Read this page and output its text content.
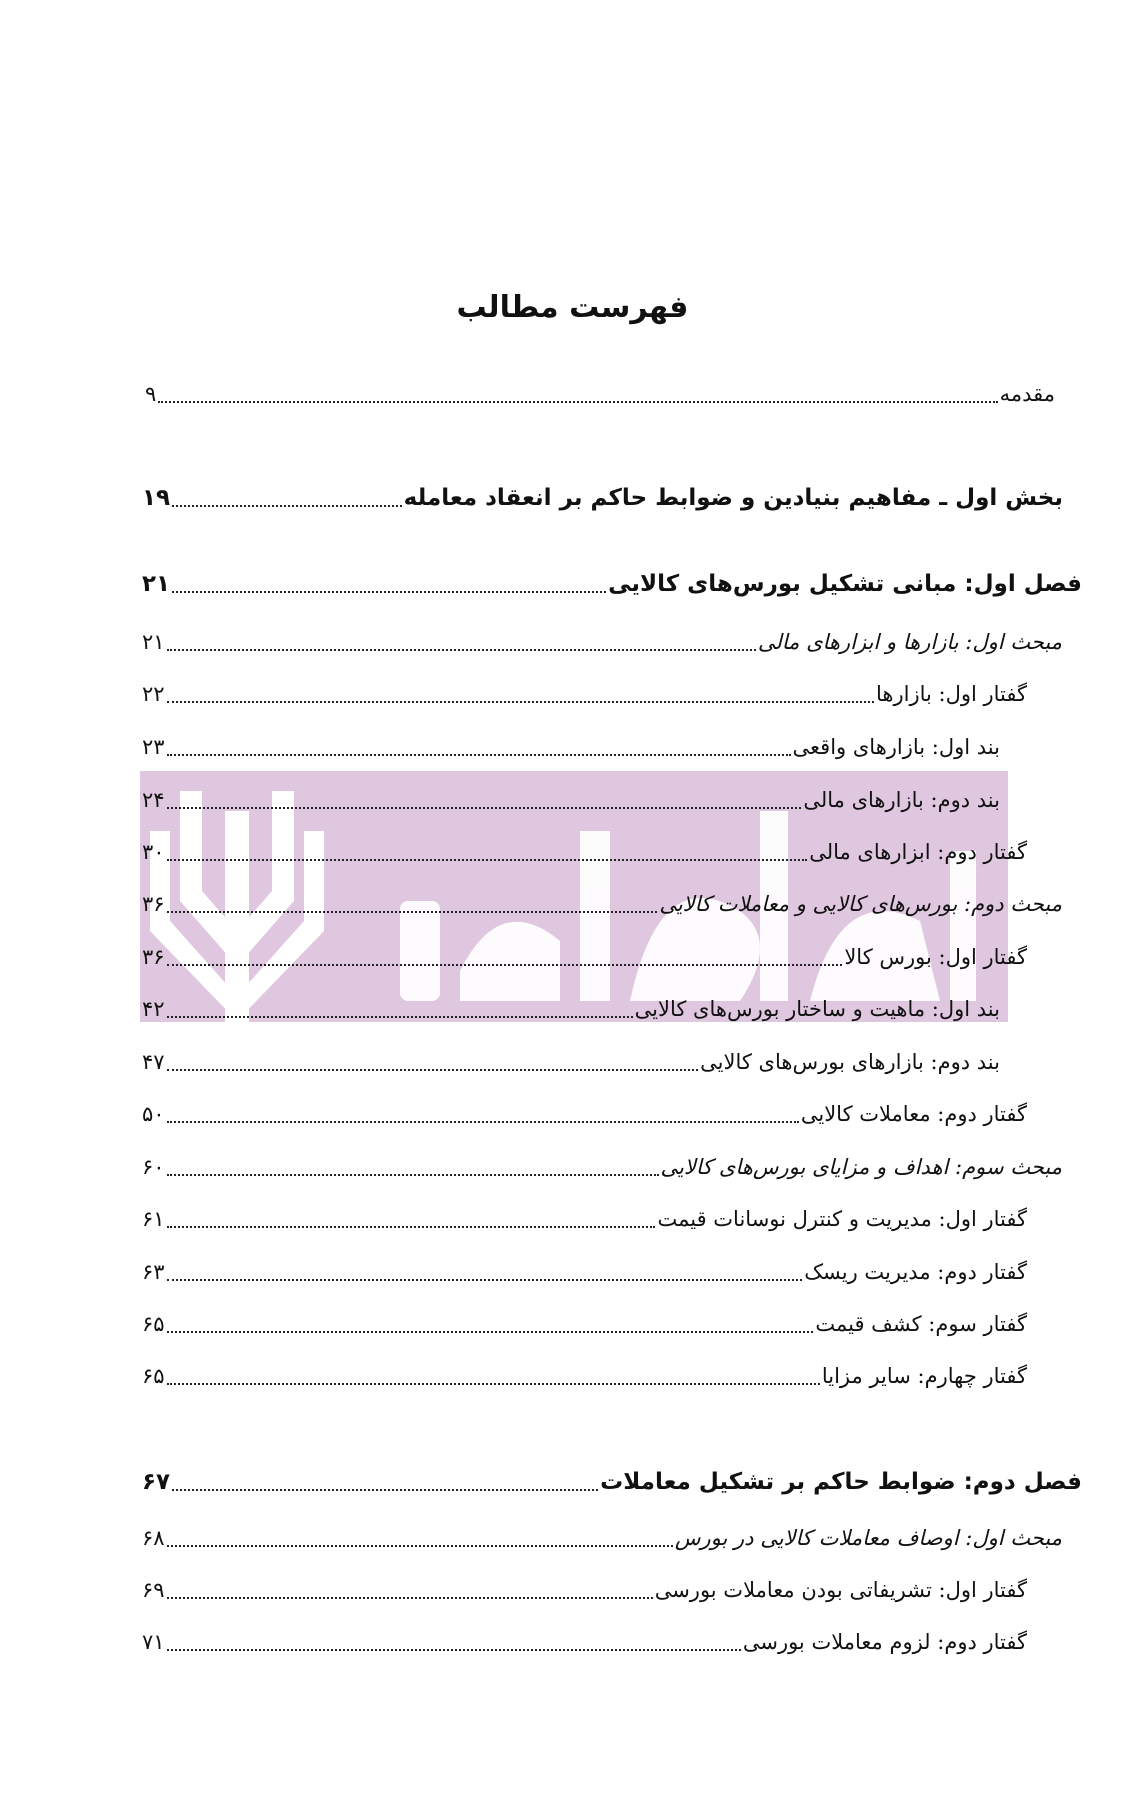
فهرست مطالب
۹	مقدمه
۱۹	بخش اول ـ مفاهیم بنیادین و ضوابط حاکم بر انعقاد معامله
۲۱	فصل اول: مبانی تشکیل بورس‌های کالایی
۲۱	مبحث اول: بازارها و ابزارهای مالی
۲۲	گفتار اول: بازارها
۲۳	بند اول: بازارهای واقعی
۲۴	بند دوم: بازارهای مالی
۳۰	گفتار دوم: ابزارهای مالی
۳۶	مبحث دوم: بورس‌های کالایی و معاملات کالایی
۳۶	گفتار اول: بورس کالا
۴۲	بند اول: ماهیت و ساختار بورس‌های کالایی
۴۷	بند دوم: بازارهای بورس‌های کالایی
۵۰	گفتار دوم: معاملات کالایی
۶۰	مبحث سوم: اهداف و مزایای بورس‌های کالایی
۶۱	گفتار اول: مدیریت و کنترل نوسانات قیمت
۶۳	گفتار دوم: مدیریت ریسک
۶۵	گفتار سوم: کشف قیمت
۶۵	گفتار چهارم: سایر مزایا
۶۷	فصل دوم: ضوابط حاکم بر تشکیل معاملات
۶۸	مبحث اول: اوصاف معاملات کالایی در بورس
۶۹	گفتار اول: تشریفاتی بودن معاملات بورسی
۷۱	گفتار دوم: لزوم معاملات بورسی
